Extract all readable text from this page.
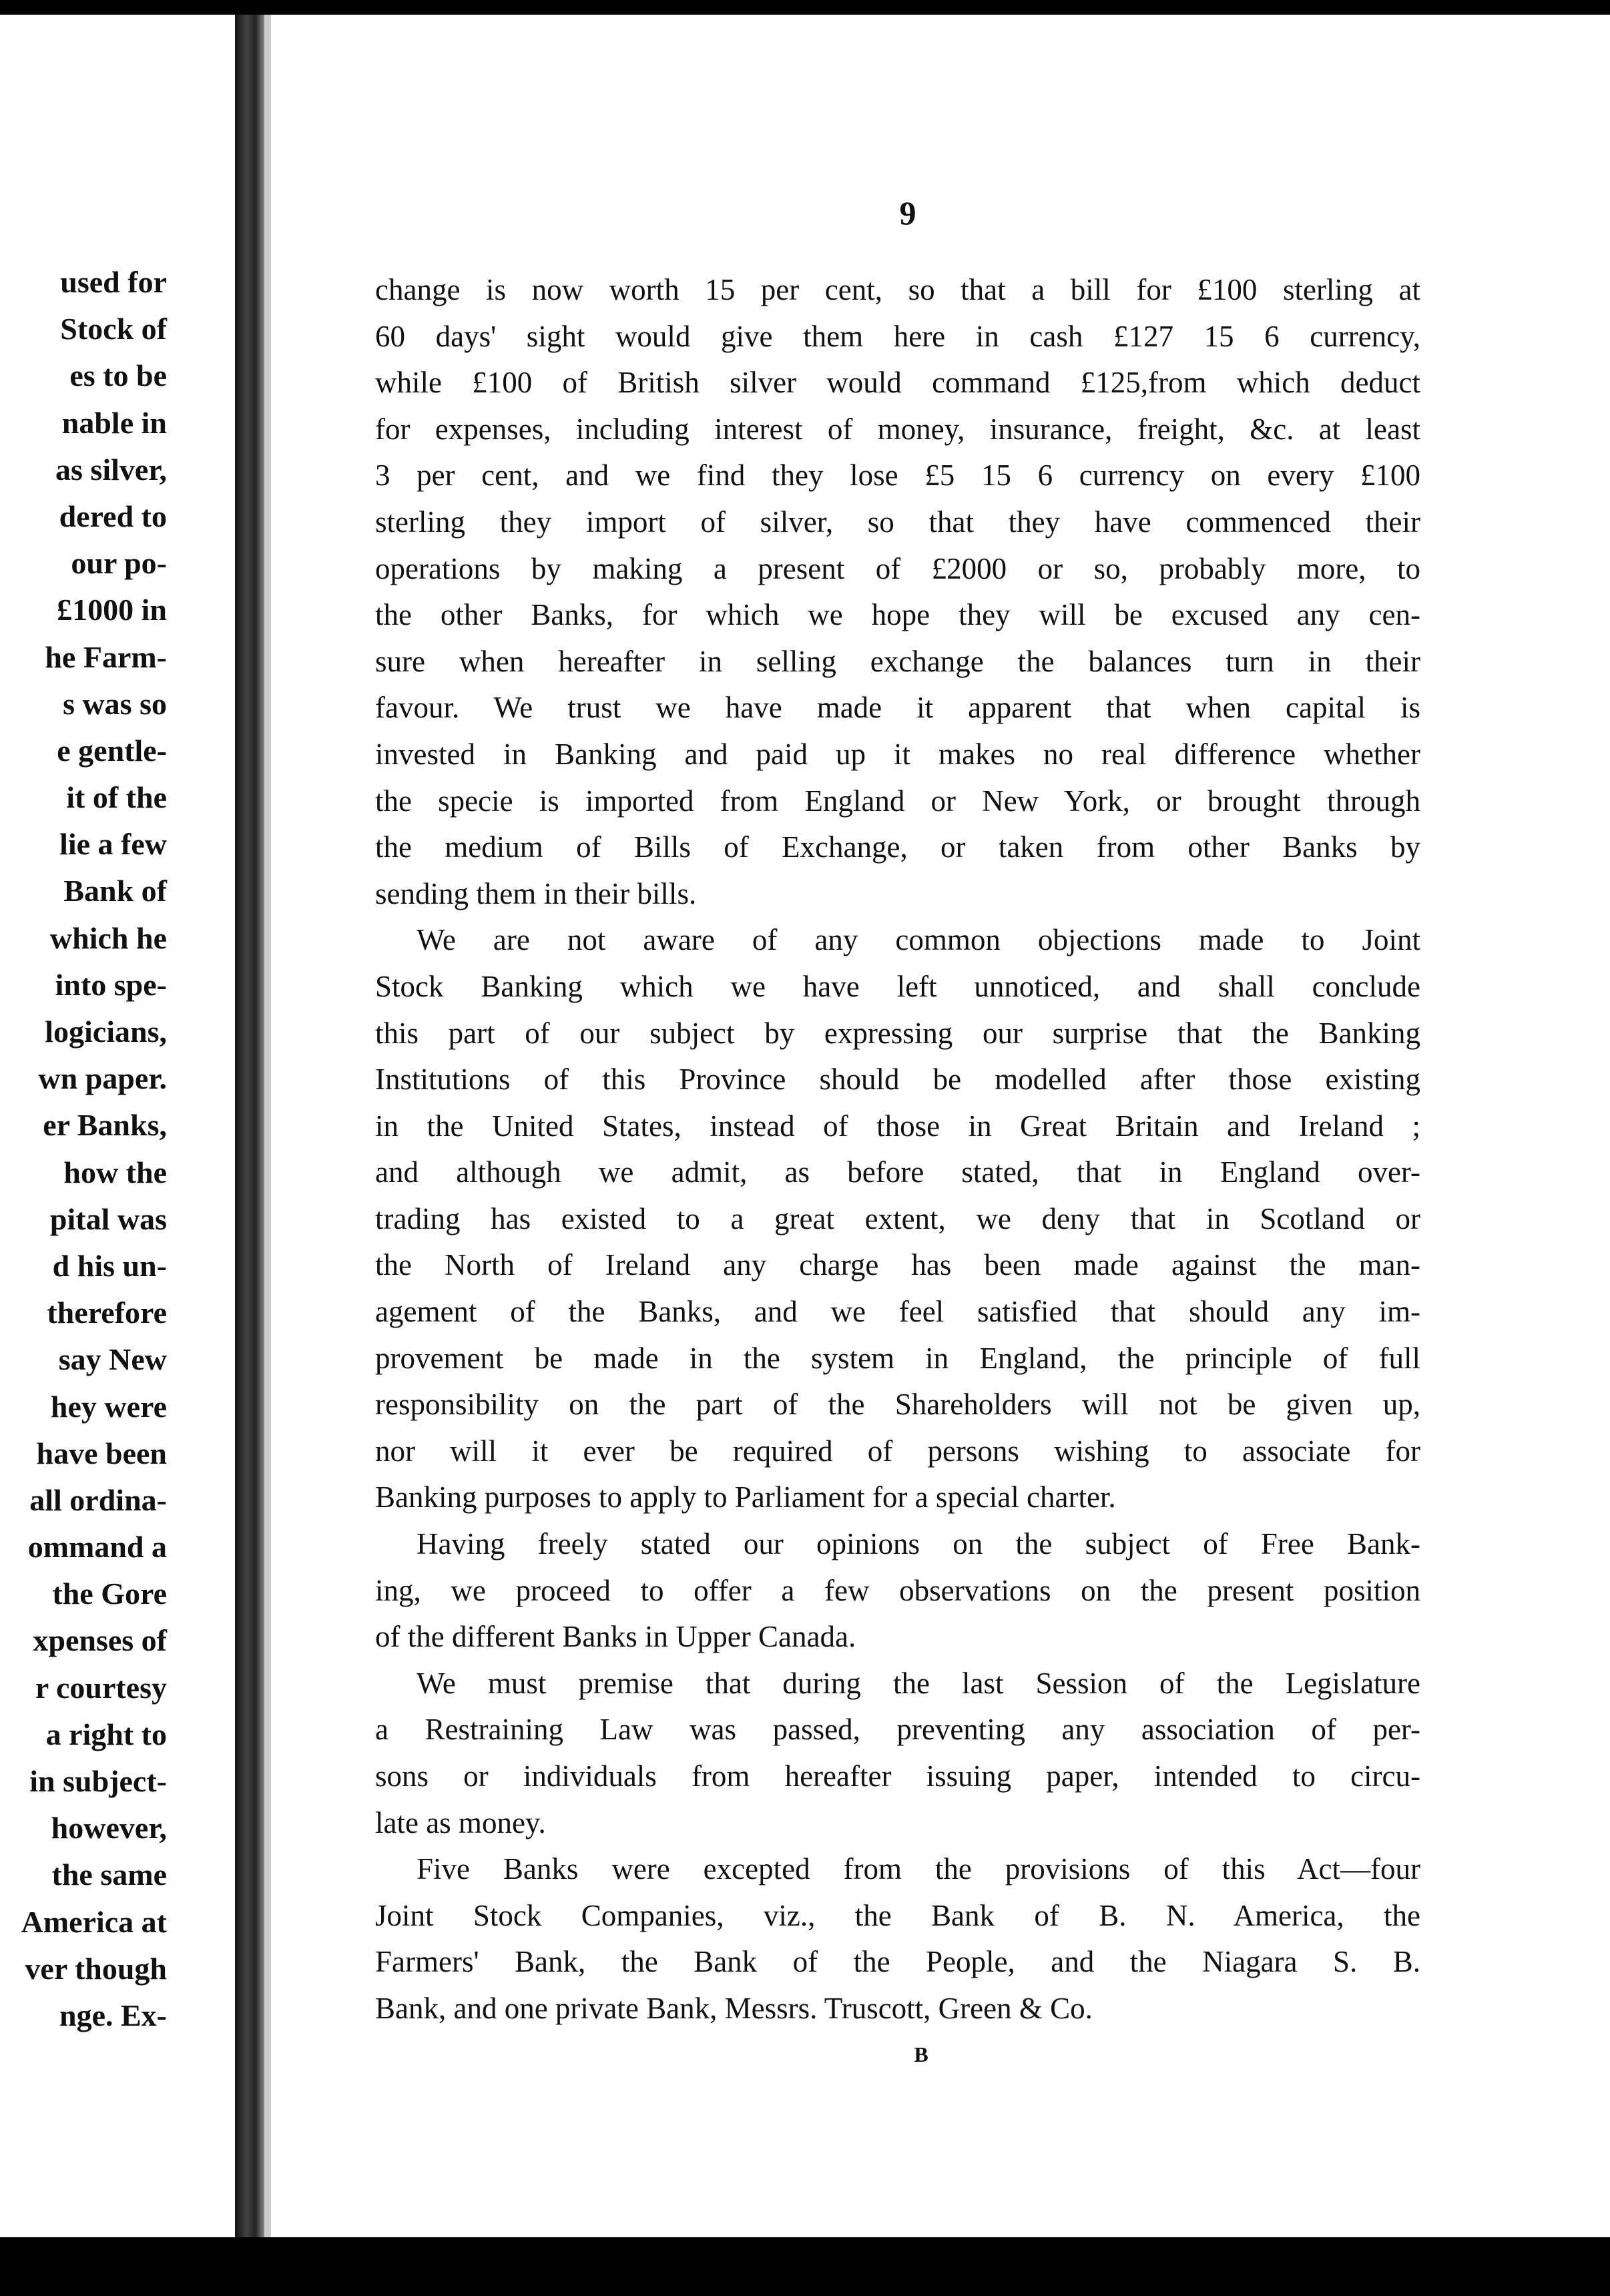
used for
Stock of
es to be
nable in
as silver,
dered to
our po-
£1000 in
he Farm-
s was so
e gentle-
it of the
lie a few
Bank of
which he
into spe-
logicians,
wn paper.
er Banks,
how the
pital was
d his un-
therefore
say New
hey were
have been
all ordina-
ommand a
the Gore
xpenses of
r courtesy
a right to
in subject-
however,
the same
America at
ver though
nge. Ex-
9
change is now worth 15 per cent, so that a bill for £100 sterling at
60 days' sight would give them here in cash £127 15 6 currency,
while £100 of British silver would command £125,from which deduct
for expenses, including interest of money, insurance, freight, &c. at least
3 per cent, and we find they lose £5 15 6 currency on every £100
sterling they import of silver, so that they have commenced their
operations by making a present of £2000 or so, probably more, to
the other Banks, for which we hope they will be excused any cen-
sure when hereafter in selling exchange the balances turn in their
favour. We trust we have made it apparent that when capital is
invested in Banking and paid up it makes no real difference whether
the specie is imported from England or New York, or brought through
the medium of Bills of Exchange, or taken from other Banks by
sending them in their bills.
We are not aware of any common objections made to Joint
Stock Banking which we have left unnoticed, and shall conclude
this part of our subject by expressing our surprise that the Banking
Institutions of this Province should be modelled after those existing
in the United States, instead of those in Great Britain and Ireland ;
and although we admit, as before stated, that in England over-
trading has existed to a great extent, we deny that in Scotland or
the North of Ireland any charge has been made against the man-
agement of the Banks, and we feel satisfied that should any im-
provement be made in the system in England, the principle of full
responsibility on the part of the Shareholders will not be given up,
nor will it ever be required of persons wishing to associate for
Banking purposes to apply to Parliament for a special charter.
Having freely stated our opinions on the subject of Free Bank-
ing, we proceed to offer a few observations on the present position
of the different Banks in Upper Canada.
We must premise that during the last Session of the Legislature
a Restraining Law was passed, preventing any association of per-
sons or individuals from hereafter issuing paper, intended to circu-
late as money.
Five Banks were excepted from the provisions of this Act—four
Joint Stock Companies, viz., the Bank of B. N. America, the
Farmers' Bank, the Bank of the People, and the Niagara S. B.
Bank, and one private Bank, Messrs. Truscott, Green & Co.
B
